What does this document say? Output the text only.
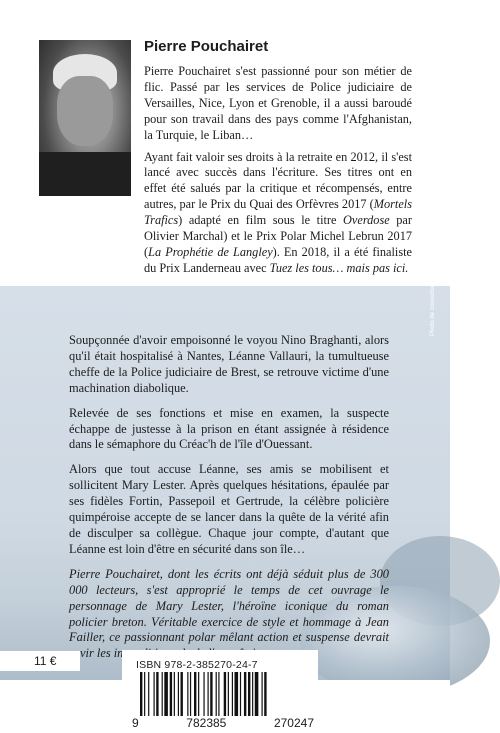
Pierre Pouchairet

Pierre Pouchairet s'est passionné pour son métier de flic. Passé par les services de Police judiciaire de Versailles, Nice, Lyon et Grenoble, il a aussi baroudé pour son travail dans des pays comme l'Afghanistan, la Turquie, le Liban…

Ayant fait valoir ses droits à la retraite en 2012, il s'est lancé avec succès dans l'écriture. Ses titres ont en effet été salués par la critique et récompensés, entre autres, par le Prix du Quai des Orfèvres 2017 (Mortels Trafics) adapté en film sous le titre Overdose par Olivier Marchal) et le Prix Polar Michel Lebrun 2017 (La Prophétie de Langley). En 2018, il a été finaliste du Prix Landerneau avec Tuez les tous… mais pas ici.	Photo de couverture : © Mathieu Rivrin

Soupçonnée d'avoir empoisonné le voyou Nino Braghanti, alors qu'il était hospitalisé à Nantes, Léanne Vallauri, la tumultueuse cheffe de la Police judiciaire de Brest, se retrouve victime d'une machination diabolique.

Relevée de ses fonctions et mise en examen, la suspecte échappe de justesse à la prison en étant assignée à résidence dans le sémaphore du Créac'h de l'île d'Ouessant.

Alors que tout accuse Léanne, ses amis se mobilisent et sollicitent Mary Lester. Après quelques hésitations, épaulée par ses fidèles Fortin, Passepoil et Gertrude, la célèbre policière quimpéroise accepte de se lancer dans la quête de la vérité afin de disculper sa collègue. Chaque jour compte, d'autant que Léanne est loin d'être en sécurité dans son île…

Pierre Pouchairet, dont les écrits ont déjà séduit plus de 300 000 lecteurs, s'est approprié le temps de cet ouvrage le personnage de Mary Lester, l'héroïne iconique du roman policier breton. Véritable exercice de style et hommage à Jean Failler, ce passionnant polar mêlant action et suspense devrait ravir les

11 €	ISBN 978-2-385270-24-7
9	782385	270247
